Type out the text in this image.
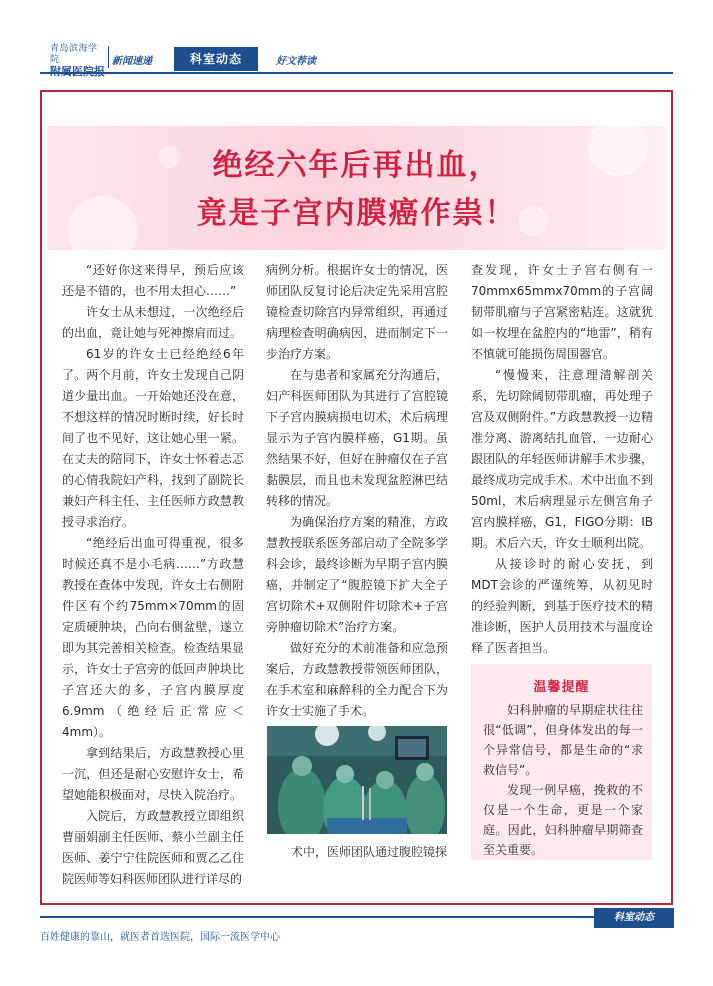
青岛滨海学院	新闻速递	科室动态	好文荐读
绝经六年后再出血，
竟是子宫内膜癌作祟！

“还好你这来得早，预后应该还是不错的，也不用太担心……”

许女士从未想过，一次绝经后的出血，竟让她与死神擦肩而过。

61岁的许女士已经绝经6年了。两个月前，许女士发现自己阴道少量出血。一开始她还没在意，不想这样的情况时断时续，好长时间了也不见好，这让她心里一紧。在丈夫的陪同下，许女士怀着忐忑的心情我院妇产科，找到了副院长兼妇产科主任、主任医师方政慧教授寻求治疗。

“绝经后出血可得重视，很多时候还真不是小毛病……”方政慧教授在查体中发现，许女士右侧附件区有个约75mm×70mm的固定质硬肿块，凸向右侧盆壁，遂立即为其完善相关检查。检查结果显示，许女士子宫旁的低回声肿块比子宫还大的多，子宫内膜厚度6.9mm（绝经后正常应＜4mm）。

拿到结果后，方政慧教授心里一沉，但还是耐心安慰许女士，希望她能积极面对，尽快入院治疗。

入院后，方政慧教授立即组织曹丽娟副主任医师、蔡小兰副主任医师、姜宁宁住院医师和贾乙乙住院医师等妇科医师团队进行详尽的

病例分析。根据许女士的情况，医师团队反复讨论后决定先采用宫腔镜检查切除宫内异常组织，再通过病理检查明确病因，进而制定下一步治疗方案。

在与患者和家属充分沟通后，妇产科医师团队为其进行了宫腔镜下子宫内膜病损电切术，术后病理显示为子宫内膜样癌，G1期。虽然结果不好，但好在肿瘤仅在子宫黏膜层，而且也未发现盆腔淋巴结转移的情况。

为确保治疗方案的精准，方政慧教授联系医务部启动了全院多学科会诊，最终诊断为早期子宫内膜癌，并制定了“腹腔镜下扩大全子宫切除术+双侧附件切除术+子宫旁肿瘤切除术”治疗方案。

做好充分的术前准备和应急预案后，方政慧教授带领医师团队，在手术室和麻醉科的全力配合下为许女士实施了手术。

术中，医师团队通过腹腔镜探

查发现，许女士子宫右侧有一70mmx65mmx70mm的子宫阔韧带肌瘤与子宫紧密粘连。这就犹如一枚埋在盆腔内的“地雷”，稍有不慎就可能损伤周围器官。

“慢慢来，注意理清解剖关系，先切除阔韧带肌瘤，再处理子宫及双侧附件。”方政慧教授一边精准分离、游离结扎血管，一边耐心跟团队的年轻医师讲解手术步骤，最终成功完成手术。术中出血不到50ml，术后病理显示左侧宫角子宫内膜样癌，G1，FIGO分期：IB期。术后六天，许女士顺利出院。

从接诊时的耐心安抚，到MDT会诊的严谨统筹，从初见时的经验判断，到基于医疗技术的精准诊断，医护人员用技术与温度诠释了医者担当。

温馨提醒

妇科肿瘤的早期症状往往很“低调”，但身体发出的每一个异常信号，都是生命的“求救信号”。

发现一例早癌，挽救的不仅是一个生命，更是一个家庭。因此，妇科肿瘤早期筛查至关重要。

科室动态
百姓健康的靠山，就医者首选医院，国际一流医学中心
